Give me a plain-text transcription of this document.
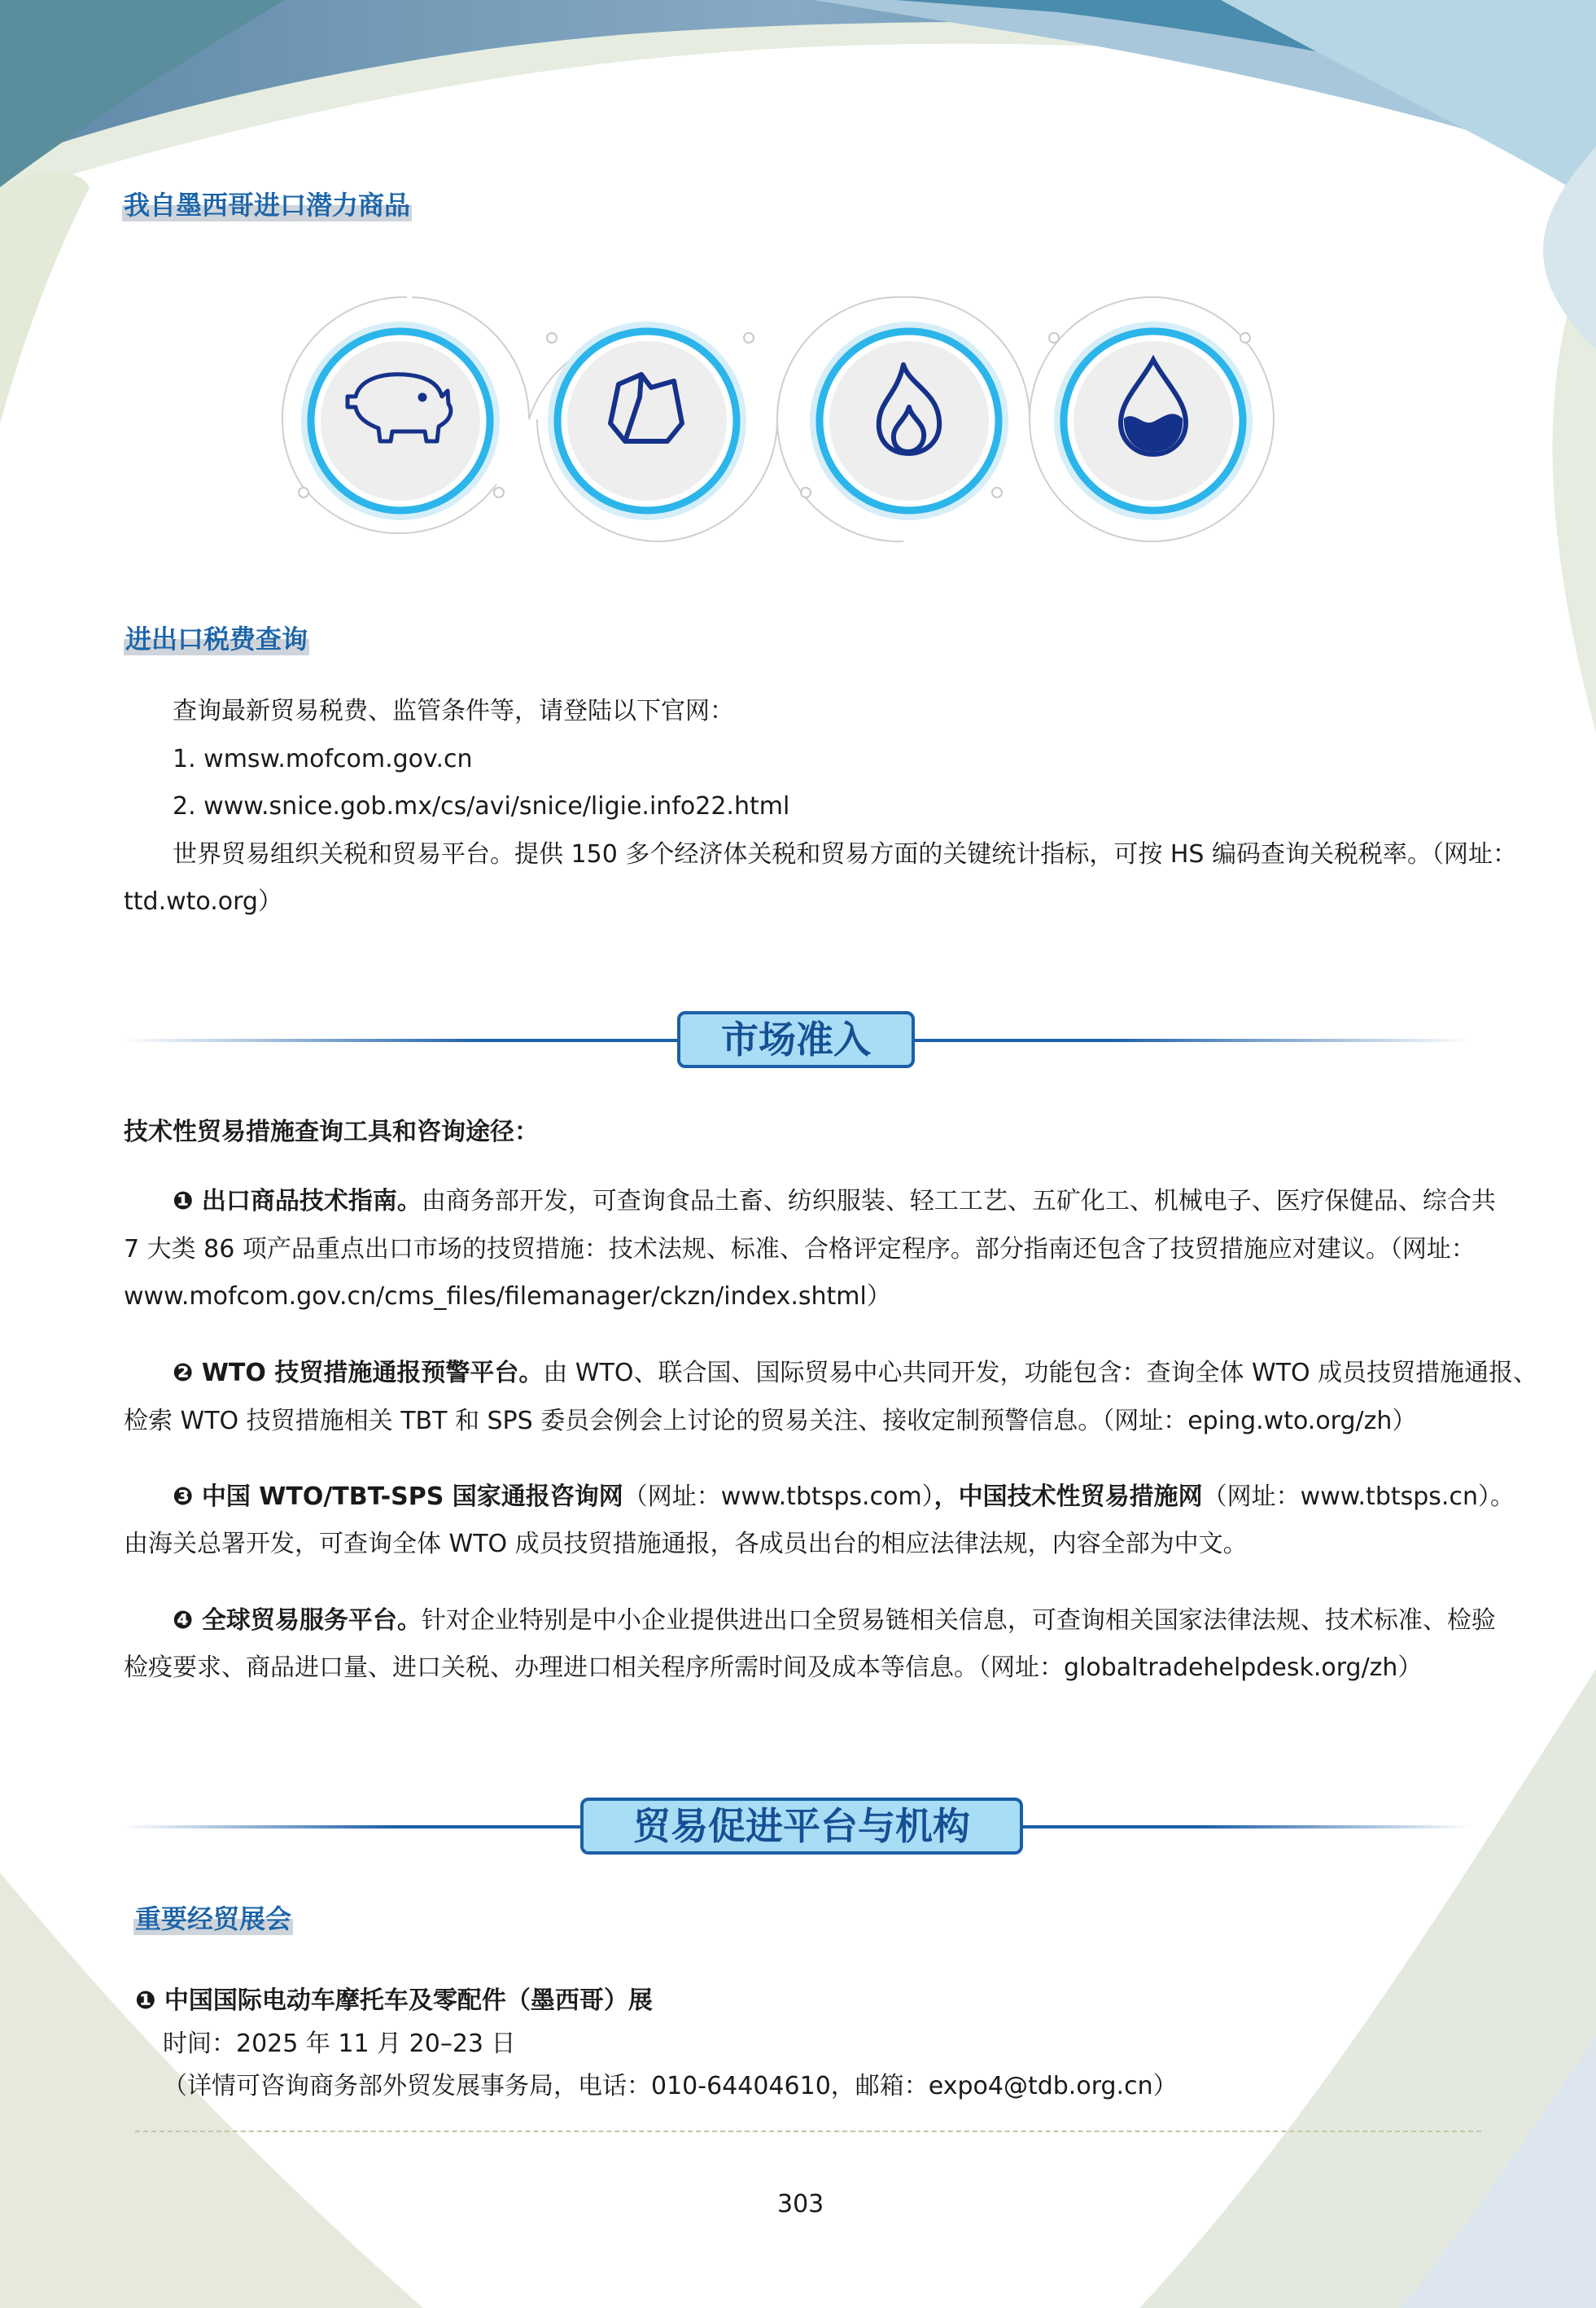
我自墨西哥进口潜力商品
进出口税费查询
查询最新贸易税费、监管条件等，请登陆以下官网：
1. wmsw.mofcom.gov.cn
2. www.snice.gob.mx/cs/avi/snice/ligie.info22.html
世界贸易组织关税和贸易平台。提供 150 多个经济体关税和贸易方面的关键统计指标，可按 HS 编码查询关税税率。（网址：
ttd.wto.org）
市场准入
技术性贸易措施查询工具和咨询途径：
❶ 出口商品技术指南。由商务部开发，可查询食品土畜、纺织服装、轻工工艺、五矿化工、机械电子、医疗保健品、综合共
7 大类 86 项产品重点出口市场的技贸措施：技术法规、标准、合格评定程序。部分指南还包含了技贸措施应对建议。（网址：
www.mofcom.gov.cn/cms_files/filemanager/ckzn/index.shtml）
❷ WTO 技贸措施通报预警平台。由 WTO、联合国、国际贸易中心共同开发，功能包含：查询全体 WTO 成员技贸措施通报、
检索 WTO 技贸措施相关 TBT 和 SPS 委员会例会上讨论的贸易关注、接收定制预警信息。（网址：eping.wto.org/zh）
❸ 中国 WTO/TBT-SPS 国家通报咨询网（网址：www.tbtsps.com），中国技术性贸易措施网（网址：www.tbtsps.cn）。
由海关总署开发，可查询全体 WTO 成员技贸措施通报，各成员出台的相应法律法规，内容全部为中文。
❹ 全球贸易服务平台。针对企业特别是中小企业提供进出口全贸易链相关信息，可查询相关国家法律法规、技术标准、检验
检疫要求、商品进口量、进口关税、办理进口相关程序所需时间及成本等信息。（网址：globaltradehelpdesk.org/zh）
贸易促进平台与机构
重要经贸展会
❶ 中国国际电动车摩托车及零配件（墨西哥）展
时间：2025 年 11 月 20–23 日
（详情可咨询商务部外贸发展事务局，电话：010-64404610，邮箱：expo4@tdb.org.cn）
303
